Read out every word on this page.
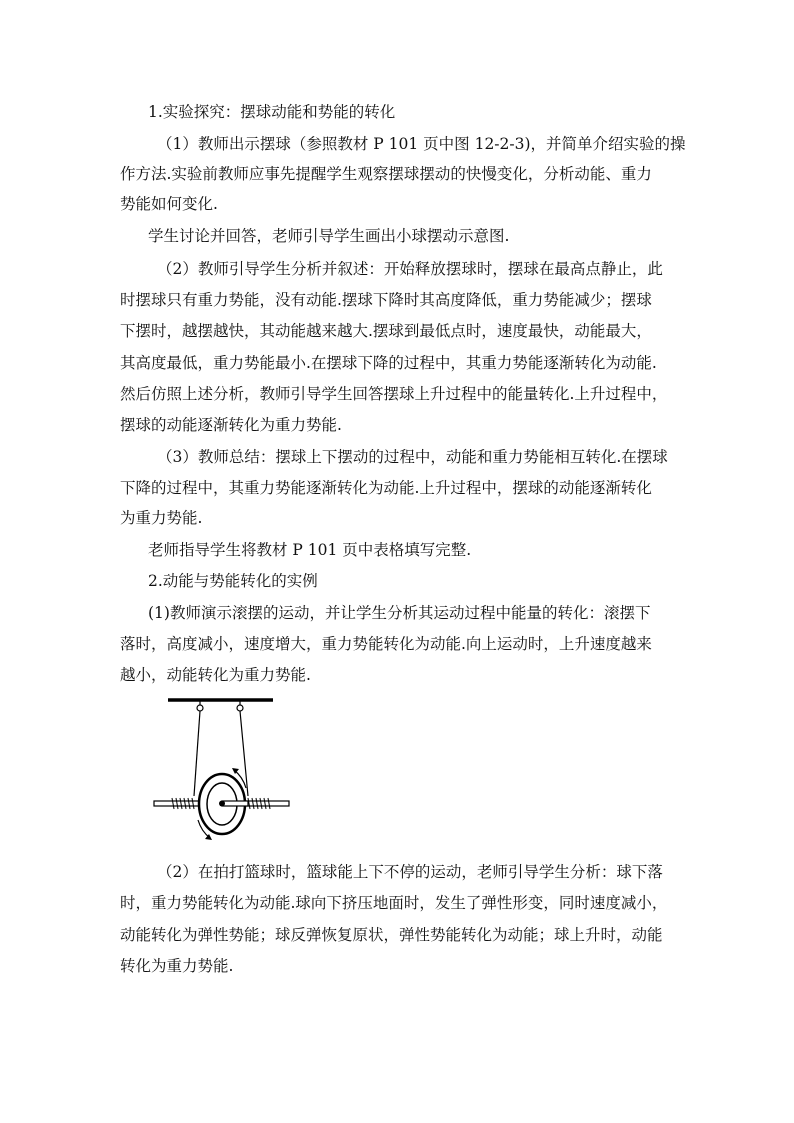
1.实验探究：摆球动能和势能的转化
（1）教师出示摆球（参照教材 P 101 页中图 12-2-3)，并简单介绍实验的操
作方法.实验前教师应事先提醒学生观察摆球摆动的快慢变化，分析动能、重力
势能如何变化.
学生讨论并回答，老师引导学生画出小球摆动示意图.
（2）教师引导学生分析并叙述：开始释放摆球时，摆球在最高点静止，此
时摆球只有重力势能，没有动能.摆球下降时其高度降低，重力势能减少；摆球
下摆时，越摆越快，其动能越来越大.摆球到最低点时，速度最快，动能最大，
其高度最低，重力势能最小.在摆球下降的过程中，其重力势能逐渐转化为动能.
然后仿照上述分析，教师引导学生回答摆球上升过程中的能量转化.上升过程中，
摆球的动能逐渐转化为重力势能.
（3）教师总结：摆球上下摆动的过程中，动能和重力势能相互转化.在摆球
下降的过程中，其重力势能逐渐转化为动能.上升过程中，摆球的动能逐渐转化
为重力势能.
老师指导学生将教材 P 101 页中表格填写完整.
2.动能与势能转化的实例
(1)教师演示滚摆的运动，并让学生分析其运动过程中能量的转化：滚摆下
落时，高度减小，速度增大，重力势能转化为动能.向上运动时，上升速度越来
越小，动能转化为重力势能.
（2）在拍打篮球时，篮球能上下不停的运动，老师引导学生分析：球下落
时，重力势能转化为动能.球向下挤压地面时，发生了弹性形变，同时速度减小，
动能转化为弹性势能；球反弹恢复原状，弹性势能转化为动能；球上升时，动能
转化为重力势能.
